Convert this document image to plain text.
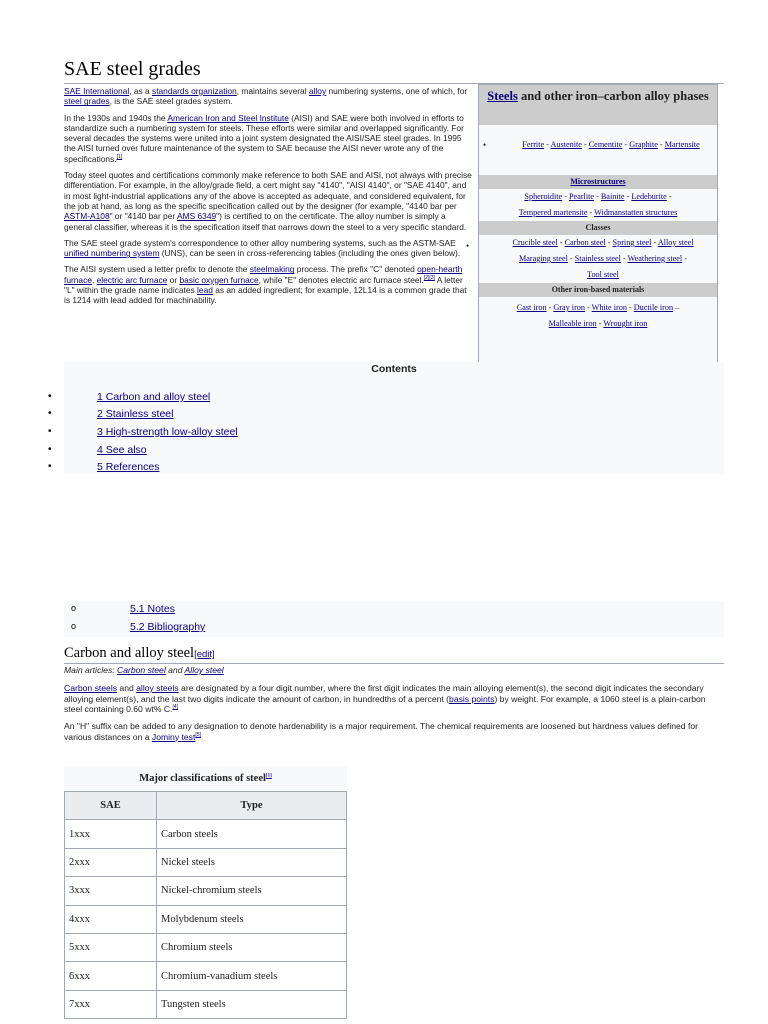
SAE steel grades

SAE International, as a standards organization, maintains several alloy numbering systems, one of which, for steel grades, is the SAE steel grades system.

In the 1930s and 1940s the American Iron and Steel Institute (AISI) and SAE were both involved in efforts to standardize such a numbering system for steels. These efforts were similar and overlapped significantly. For several decades the systems were united into a joint system designated the AISI/SAE steel grades. In 1995 the AISI turned over future maintenance of the system to SAE because the AISI never wrote any of the specifications.[1]

Today steel quotes and certifications commonly make reference to both SAE and AISI, not always with precise differentiation. For example, in the alloy/grade field, a cert might say "4140", "AISI 4140", or "SAE 4140", and in most light-industrial applications any of the above is accepted as adequate, and considered equivalent, for the job at hand, as long as the specific specification called out by the designer (for example, "4140 bar per ASTM-A108" or "4140 bar per AMS 6349") is certified to on the certificate. The alloy number is simply a general classifier, whereas it is the specification itself that narrows down the steel to a very specific standard.

The SAE steel grade system's correspondence to other alloy numbering systems, such as the ASTM-SAE unified numbering system (UNS), can be seen in cross-referencing tables (including the ones given below).

The AISI system used a letter prefix to denote the steelmaking process. The prefix "C" denoted open-hearth furnace, electric arc furnace or basic oxygen furnace, while "E" denotes electric arc furnace steel.[2][3] A letter "L" within the grade name indicates lead as an added ingredient; for example, 12L14 is a common grade that is 1214 with lead added for machinability.

Steels and other iron–carbon alloy phases
•	Ferrite - Austenite - Cementite - Graphite - Martensite
Microstructures
Spheroidite - Pearlite - Bainite - Ledeburite -
Tempered martensite - Widmanstatten structures
Classes
•	Crucible steel - Carbon steel - Spring steel - Alloy steel
Maraging steel - Stainless steel - Weathering steel -
Tool steel
Other iron-based materials
Cast iron - Gray iron - White iron - Ductile iron –
Malleable iron - Wrought iron
Contents
•	1 Carbon and alloy steel
•	2 Stainless steel
•	3 High-strength low-alloy steel
•	4 See also
•	5 References
o	5.1 Notes
o	5.2 Bibliography
Carbon and alloy steel[edit]
Main articles: Carbon steel and Alloy steel

Carbon steels and alloy steels are designated by a four digit number, where the first digit indicates the main alloying element(s), the second digit indicates the secondary alloying element(s), and the last two digits indicate the amount of carbon, in hundredths of a percent (basis points) by weight. For example, a 1060 steel is a plain-carbon steel containing 0.60 wt% C.[4]

An "H" suffix can be added to any designation to denote hardenability is a major requirement. The chemical requirements are loosened but hardness values defined for various distances on a Jominy test[5]

Major classifications of steel[1]
SAE	Type
1xxx	Carbon steels
2xxx	Nickel steels
3xxx	Nickel-chromium steels
4xxx	Molybdenum steels
5xxx	Chromium steels
6xxx	Chromium-vanadium steels
7xxx	Tungsten steels
